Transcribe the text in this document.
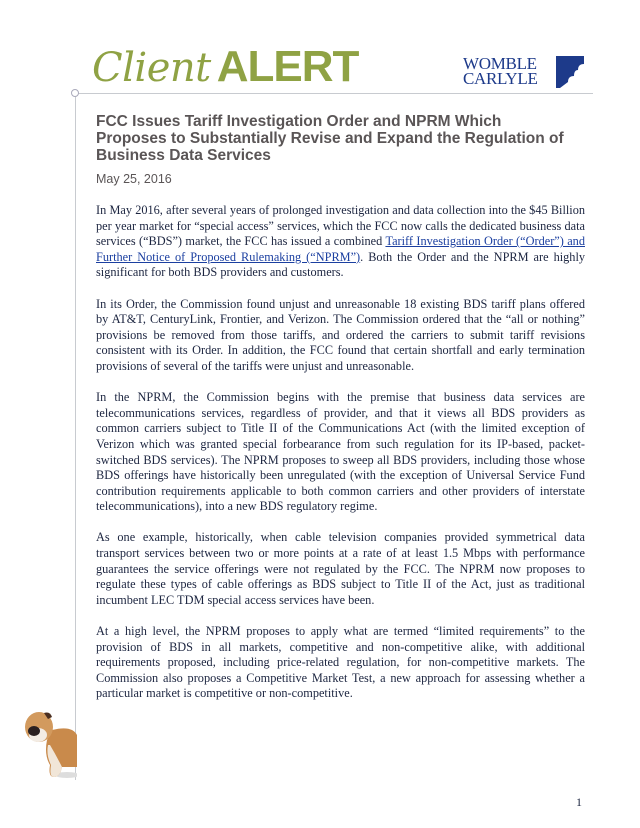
Client ALERT	WOMBLE
CARLYLE
FCC Issues Tariff Investigation Order and NPRM Which Proposes to Substantially Revise and Expand the Regulation of Business Data Services
May 25, 2016

In May 2016, after several years of prolonged investigation and data collection into the $45 Billion per year market for “special access” services, which the FCC now calls the dedicated business data services (“BDS”) market, the FCC has issued a combined Tariff Investigation Order (“Order”) and Further Notice of Proposed Rulemaking (“NPRM”). Both the Order and the NPRM are highly significant for both BDS providers and customers.

In its Order, the Commission found unjust and unreasonable 18 existing BDS tariff plans offered by AT&T, CenturyLink, Frontier, and Verizon. The Commission ordered that the “all or nothing” provisions be removed from those tariffs, and ordered the carriers to submit tariff revisions consistent with its Order. In addition, the FCC found that certain shortfall and early termination provisions of several of the tariffs were unjust and unreasonable.

In the NPRM, the Commission begins with the premise that business data services are telecommunications services, regardless of provider, and that it views all BDS providers as common carriers subject to Title II of the Communications Act (with the limited exception of Verizon which was granted special forbearance from such regulation for its IP-based, packet-switched BDS services). The NPRM proposes to sweep all BDS providers, including those whose BDS offerings have historically been unregulated (with the exception of Universal Service Fund contribution requirements applicable to both common carriers and other providers of interstate telecommunications), into a new BDS regulatory regime.

As one example, historically, when cable television companies provided symmetrical data transport services between two or more points at a rate of at least 1.5 Mbps with performance guarantees the service offerings were not regulated by the FCC. The NPRM now proposes to regulate these types of cable offerings as BDS subject to Title II of the Act, just as traditional incumbent LEC TDM special access services have been.

At a high level, the NPRM proposes to apply what are termed “limited requirements” to the provision of BDS in all markets, competitive and non-competitive alike, with additional requirements proposed, including price-related regulation, for non-competitive markets. The Commission also proposes a Competitive Market Test, a new approach for assessing whether a particular market is competitive or non-competitive.

1
